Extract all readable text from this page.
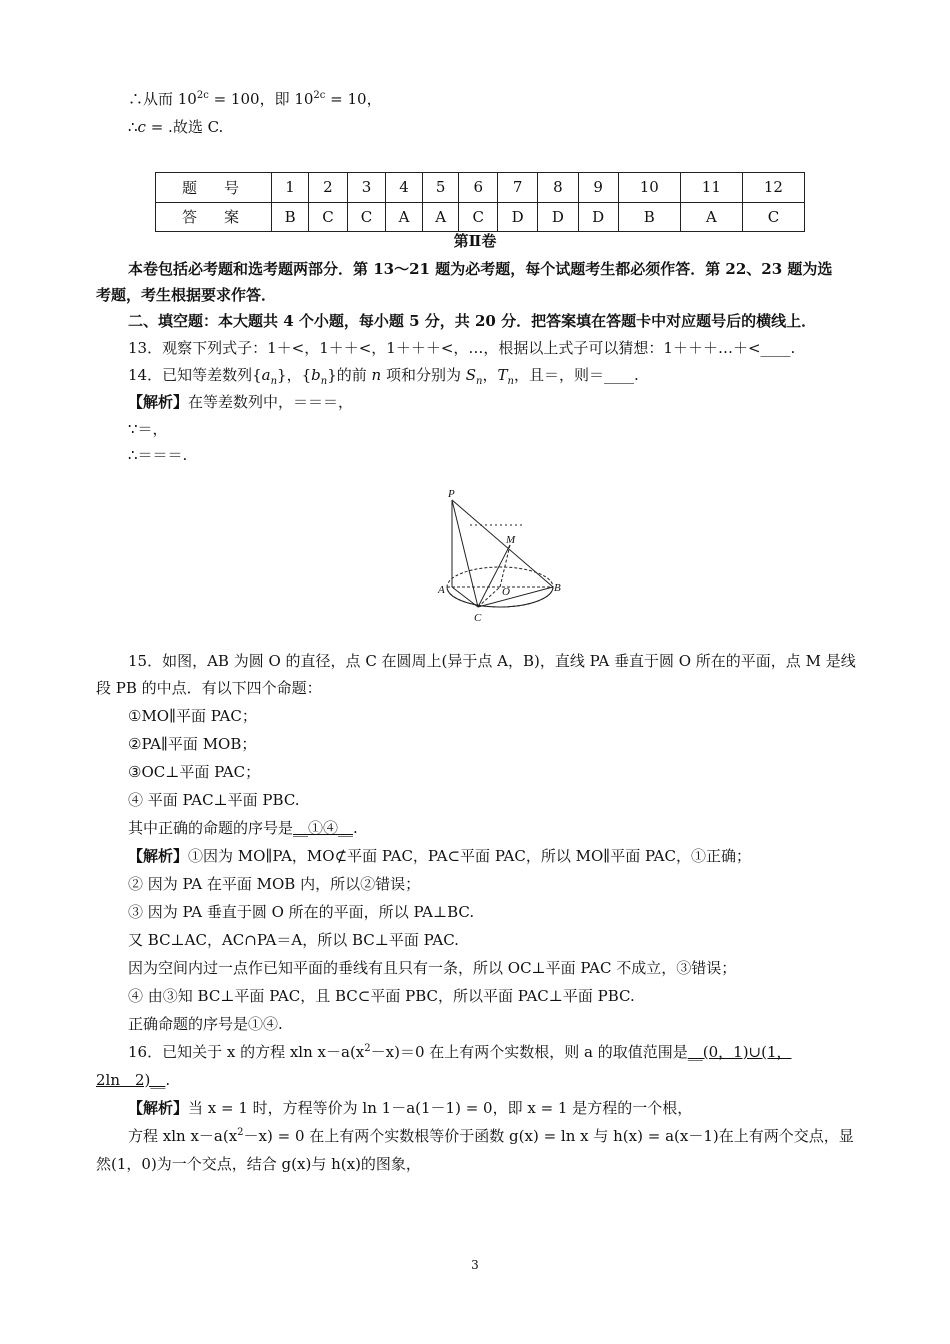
∴从而 $10^{2c} = 100$，即 $10^{2c} = 10$，
∴c = .故选 C.
题　号	1	2	3	4	5	6	7	8	9	10	11	12
答　案	B	C	C	A	A	C	D	D	D	B	A	C
第Ⅱ卷
本卷包括必考题和选考题两部分．第 13～21 题为必考题，每个试题考生都必须作答．第 22、23 题为选
考题，考生根据要求作答．
二、填空题：本大题共 4 个小题，每小题 5 分，共 20 分．把答案填在答题卡中对应题号后的横线上．
13．观察下列式子：1＋<，1＋＋<，1＋＋＋<，…，根据以上式子可以猜想：1＋＋＋…＋<____.
14．已知等差数列$\{a_n\}$，$\{b_n\}$的前 n 项和分别为 $S_n$，$T_n$，且＝，则＝____.
【解析】在等差数列中，＝＝＝，
∵＝，
∴＝＝＝.
P
M
A	O	B
C
15．如图，AB 为圆 O 的直径，点 C 在圆周上(异于点 A，B)，直线 PA 垂直于圆 O 所在的平面，点 M 是线
段 PB 的中点．有以下四个命题：
①MO∥平面 PAC；
②PA∥平面 MOB；
③OC⊥平面 PAC；
④ 平面 PAC⊥平面 PBC.
其中正确的命题的序号是__①④__.
【解析】①因为 MO∥PA，MO⊄平面 PAC，PA⊂平面 PAC，所以 MO∥平面 PAC，①正确；
② 因为 PA 在平面 MOB 内，所以②错误；
③ 因为 PA 垂直于圆 O 所在的平面，所以 PA⊥BC.
又 BC⊥AC，AC∩PA＝A，所以 BC⊥平面 PAC.
因为空间内过一点作已知平面的垂线有且只有一条，所以 OC⊥平面 PAC 不成立，③错误；
④ 由③知 BC⊥平面 PAC，且 BC⊂平面 PBC，所以平面 PAC⊥平面 PBC.
正确命题的序号是①④.
16．已知关于 x 的方程 xln $x-a(x^2-x)=0$ 在上有两个实数根，则 a 的取值范围是__(0，1)∪(1，
2ln　2)__.
【解析】当 x = 1 时，方程等价为 ln 1－a(1－1) = 0，即 x = 1 是方程的一个根，
方程 xln $x-a(x^2-x) = 0$ 在上有两个实数根等价于函数 g(x) = ln x 与 h(x) = a(x－1)在上有两个交点，显
然(1，0)为一个交点，结合 g(x)与 h(x)的图象，
3
